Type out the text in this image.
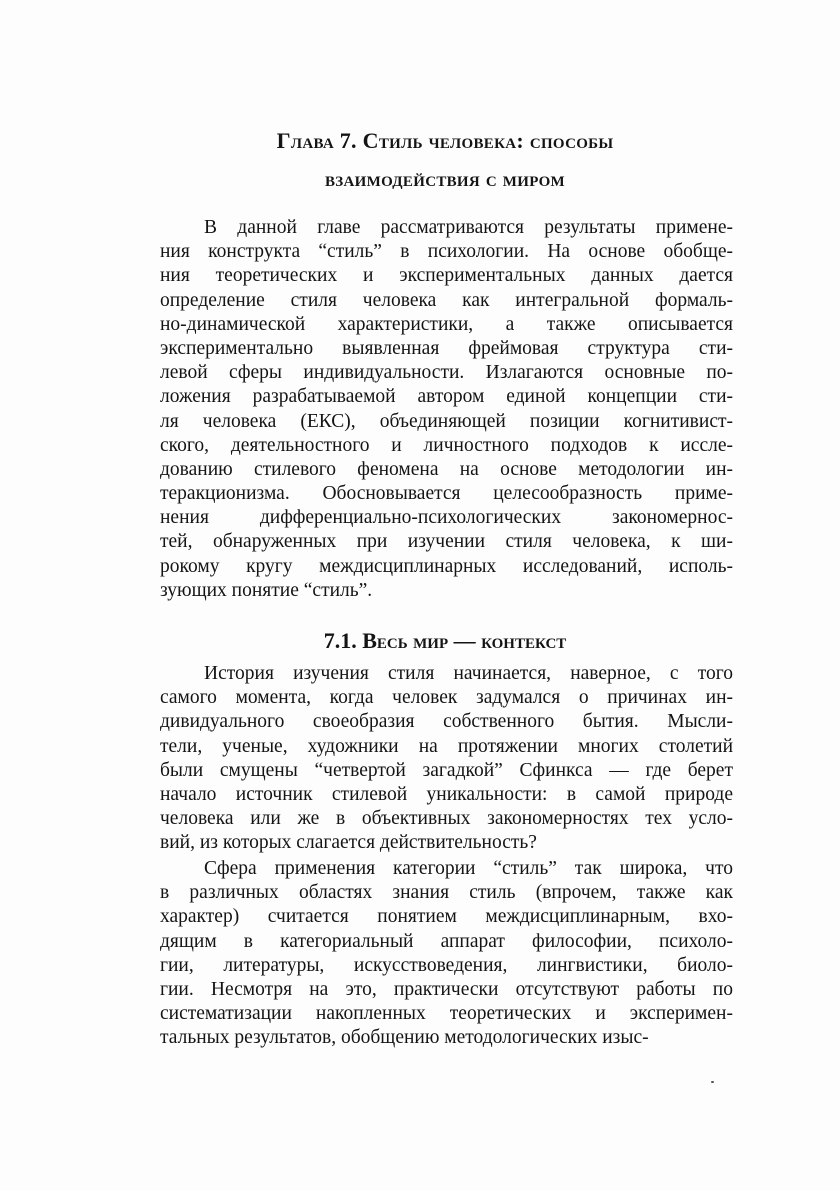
Глава 7. Стиль человека: способы
взаимодействия с миром
В данной главе рассматриваются результаты примене-
ния конструкта “стиль” в психологии. На основе обобще-
ния теоретических и экспериментальных данных дается
определение стиля человека как интегральной формаль-
но-динамической характеристики, а также описывается
экспериментально выявленная фреймовая структура сти-
левой сферы индивидуальности. Излагаются основные по-
ложения разрабатываемой автором единой концепции сти-
ля человека (ЕКС), объединяющей позиции когнитивист-
ского, деятельностного и личностного подходов к иссле-
дованию стилевого феномена на основе методологии ин-
теракционизма. Обосновывается целесообразность приме-
нения дифференциально-психологических закономернос-
тей, обнаруженных при изучении стиля человека, к ши-
рокому кругу междисциплинарных исследований, исполь-
зующих понятие “стиль”.
7.1. Весь мир — контекст
История изучения стиля начинается, наверное, с того
самого момента, когда человек задумался о причинах ин-
дивидуального своеобразия собственного бытия. Мысли-
тели, ученые, художники на протяжении многих столетий
были смущены “четвертой загадкой” Сфинкса — где берет
начало источник стилевой уникальности: в самой природе
человека или же в объективных закономерностях тех усло-
вий, из которых слагается действительность?
Сфера применения категории “стиль” так широка, что
в различных областях знания стиль (впрочем, также как
характер) считается понятием междисциплинарным, вхо-
дящим в категориальный аппарат философии, психоло-
гии, литературы, искусствоведения, лингвистики, биоло-
гии. Несмотря на это, практически отсутствуют работы по
систематизации накопленных теоретических и эксперимен-
тальных результатов, обобщению методологических изыс-
